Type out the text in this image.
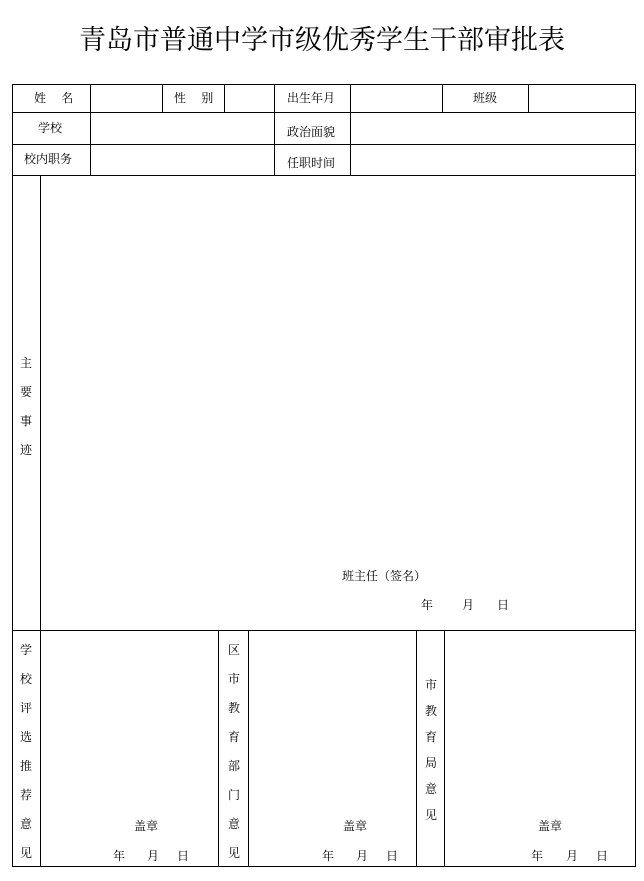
青岛市普通中学市级优秀学生干部审批表
姓    名	性    别	出生年月	班级
学校	政治面貌
校内职务	任职时间
主
要
事
迹
班主任（签名）
年 月 日
学
校
评
选
推
荐
意
见
盖章
年 月 日
区
市
教
育
部
门
意
见
盖章
年 月 日
市
教
育
局
意
见
盖章
年 月 日
